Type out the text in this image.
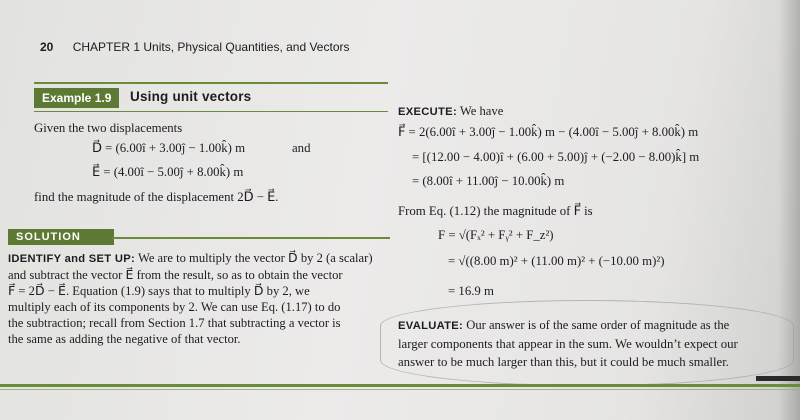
20 CHAPTER 1 Units, Physical Quantities, and Vectors
Example 1.9	Using unit vectors
Given the two displacements
D⃗ = (6.00î + 3.00ĵ − 1.00k̂) m	and
E⃗ = (4.00î − 5.00ĵ + 8.00k̂) m
find the magnitude of the displacement 2D⃗ − E⃗.
SOLUTION
IDENTIFY and SET UP: We are to multiply the vector D⃗ by 2 (a scalar)
and subtract the vector E⃗ from the result, so as to obtain the vector
F⃗ = 2D⃗ − E⃗. Equation (1.9) says that to multiply D⃗ by 2, we
multiply each of its components by 2. We can use Eq. (1.17) to do
the subtraction; recall from Section 1.7 that subtracting a vector is
the same as adding the negative of that vector.
EXECUTE: We have
F⃗ = 2(6.00î + 3.00ĵ − 1.00k̂) m − (4.00î − 5.00ĵ + 8.00k̂) m
= [(12.00 − 4.00)î + (6.00 + 5.00)ĵ + (−2.00 − 8.00)k̂] m
= (8.00î + 11.00ĵ − 10.00k̂) m
From Eq. (1.12) the magnitude of F⃗ is
F = √(Fₓ² + Fᵧ² + F_z²)
= √((8.00 m)² + (11.00 m)² + (−10.00 m)²)
= 16.9 m
EVALUATE: Our answer is of the same order of magnitude as the
larger components that appear in the sum. We wouldn’t expect our
answer to be much larger than this, but it could be much smaller.
